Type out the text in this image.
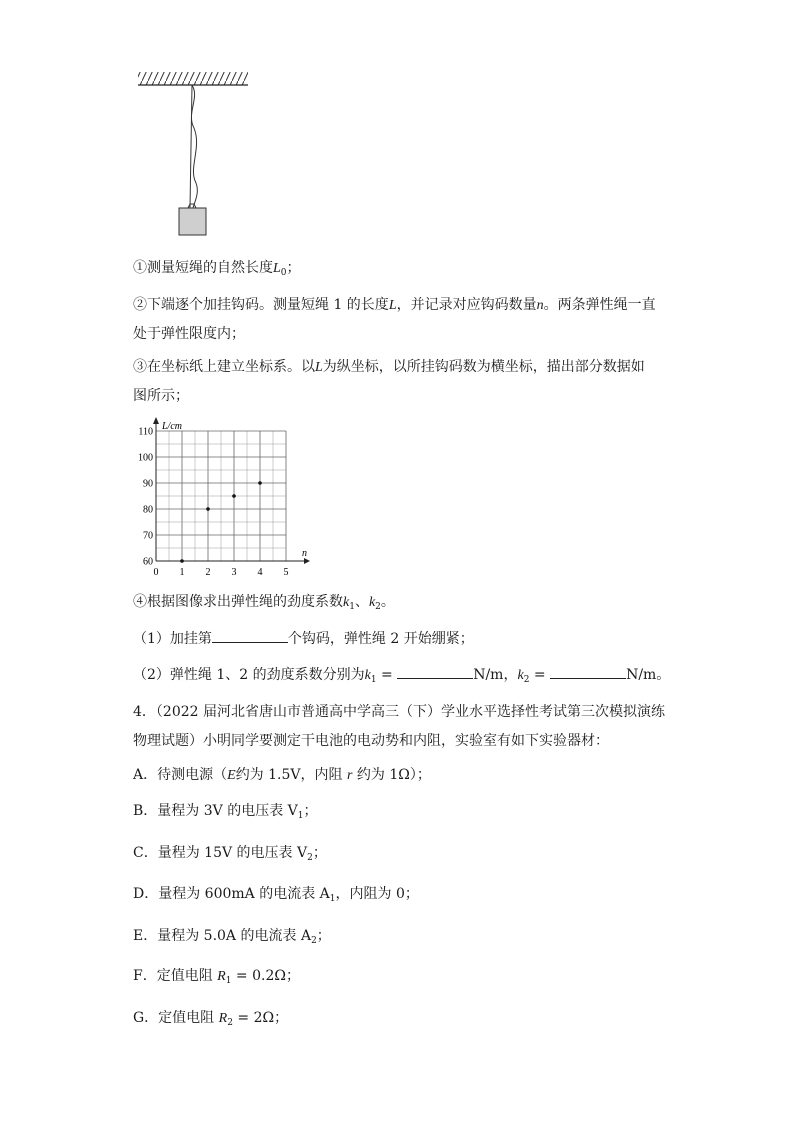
①测量短绳的自然长度$L_0$；
②下端逐个加挂钩码。测量短绳 1 的长度L，并记录对应钩码数量n。两条弹性绳一直
处于弹性限度内；
③在坐标纸上建立坐标系。以L为纵坐标，以所挂钩码数为横坐标，描出部分数据如
图所示；
L/cm
n
0 1 2 3 4 5
60
70
80
90
100
110
④根据图像求出弹性绳的劲度系数$k_1$、$k_2$。
（1）加挂第	个钩码，弹性绳 2 开始绷紧；
（2）弹性绳 1、2 的劲度系数分别为$k_1$ =	N/m，$k_2$ =	N/m。
4．（2022 届河北省唐山市普通高中学高三（下）学业水平选择性考试第三次模拟演练
物理试题）小明同学要测定干电池的电动势和内阻，实验室有如下实验器材：
A．待测电源（E约为 1.5V，内阻 r 约为 1Ω）；
B．量程为 3V 的电压表 $V_1$；
C．量程为 15V 的电压表 $V_2$；
D．量程为 600mA 的电流表 $A_1$，内阻为 0；
E．量程为 5.0A 的电流表 $A_2$；
F．定值电阻 $R_1 = 0.2\Omega$；
G．定值电阻 $R_2 = 2\Omega$；
